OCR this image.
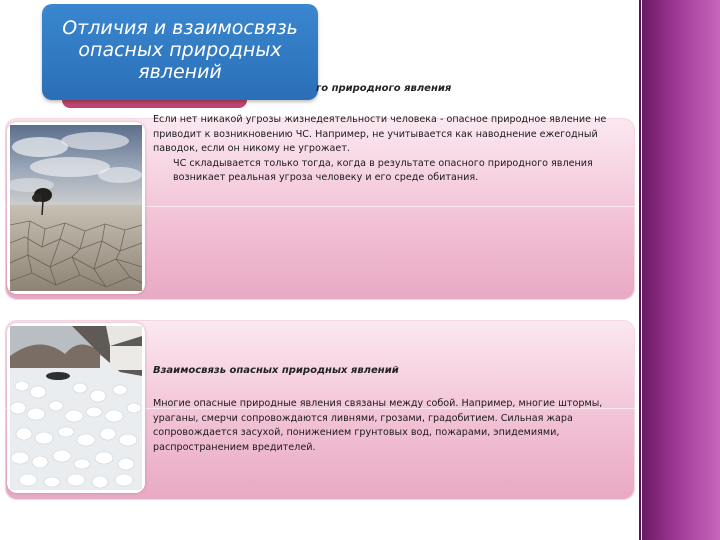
Отличия и взаимосвязь опасных природных явлений
го природного явления
Если нет никакой угрозы жизнедеятельности человека - опасное природное явление не приводит к возникновению ЧС. Например, не учитывается как наводнение ежегодный паводок, если он никому не угрожает.
ЧС складывается только тогда, когда в результате опасного природного явления возникает реальная угроза человеку и его среде обитания.
Взаимосвязь опасных природных явлений
Многие опасные природные явления связаны между собой. Например, многие штормы, ураганы, смерчи сопровождаются ливнями, грозами, градобитием. Сильная жара сопровождается засухой, понижением грунтовых вод, пожарами, эпидемиями, распространением вредителей.
